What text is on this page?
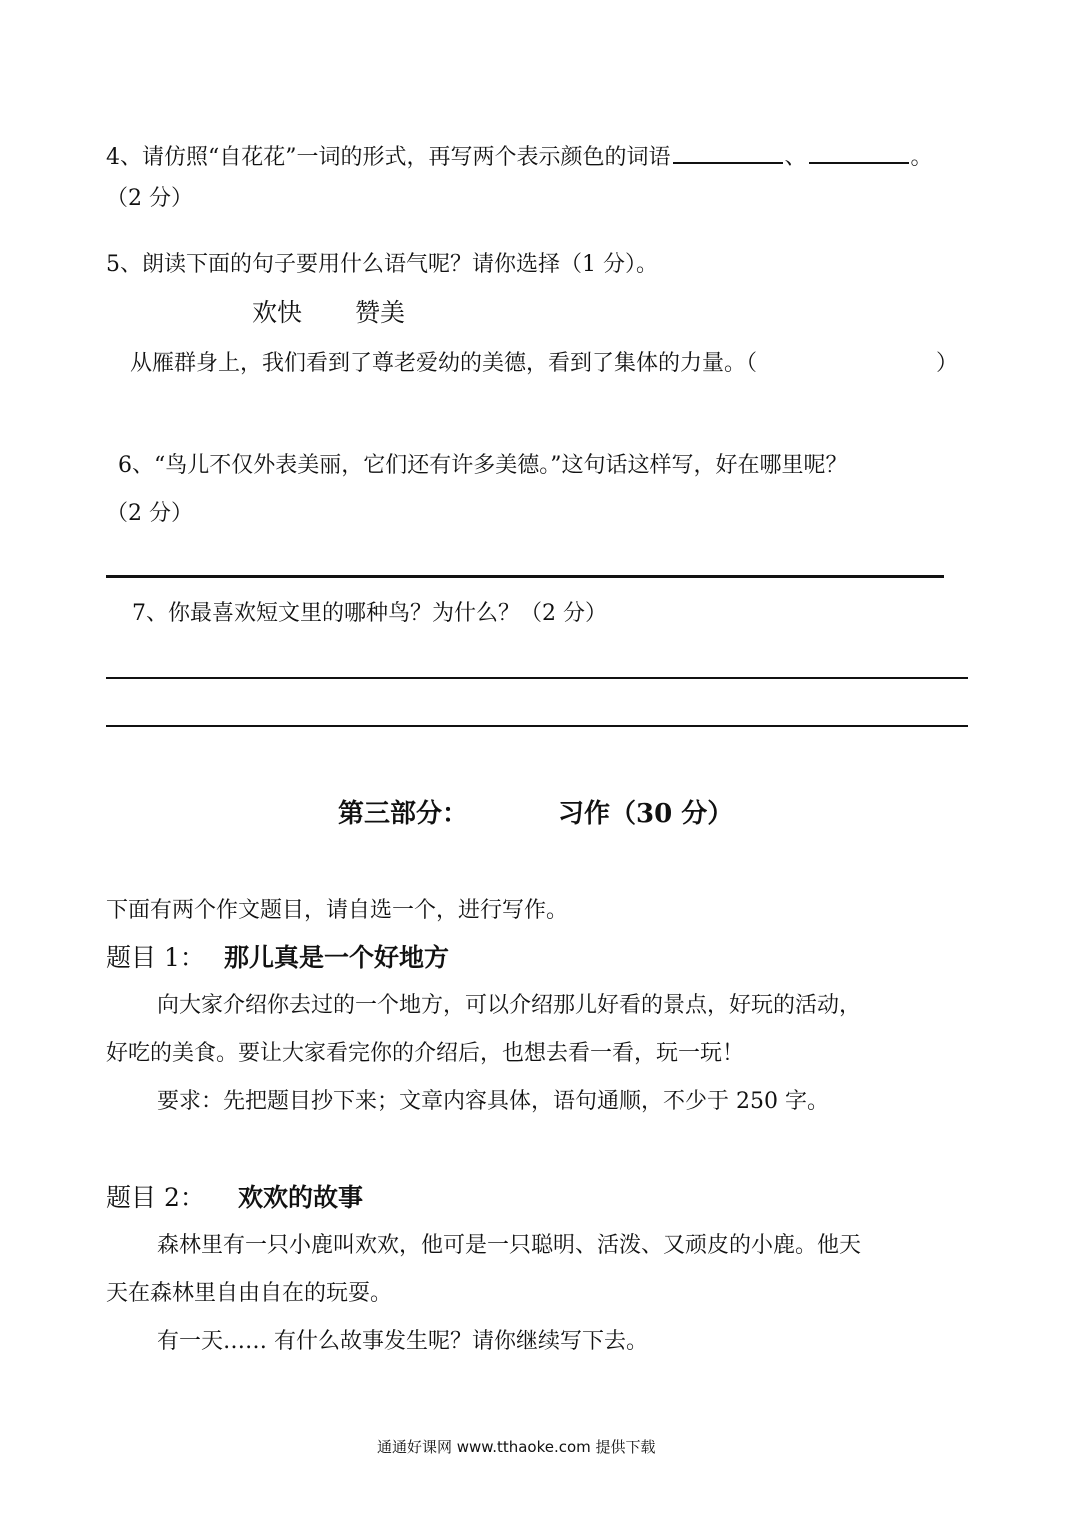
4、请仿照“自花花”一词的形式，再写两个表示颜色的词语	、	。
（2 分）
5、朗读下面的句子要用什么语气呢？请你选择（1 分）。
欢快 赞美
从雁群身上，我们看到了尊老爱幼的美德，看到了集体的力量。（	）
6、“鸟儿不仅外表美丽，它们还有许多美德。”这句话这样写，好在哪里呢？
（2 分）
7、你最喜欢短文里的哪种鸟？为什么？（2 分）
第三部分：	习作（30 分）
下面有两个作文题目，请自选一个，进行写作。
题目 1： 那儿真是一个好地方
向大家介绍你去过的一个地方，可以介绍那儿好看的景点，好玩的活动，
好吃的美食。要让大家看完你的介绍后，也想去看一看，玩一玩！
要求：先把题目抄下来；文章内容具体，语句通顺，不少于 250 字。
题目 2： 欢欢的故事
森林里有一只小鹿叫欢欢，他可是一只聪明、活泼、又顽皮的小鹿。他天
天在森林里自由自在的玩耍。
有一天…… 有什么故事发生呢？请你继续写下去。
通通好课网 www.tthaoke.com 提供下载
